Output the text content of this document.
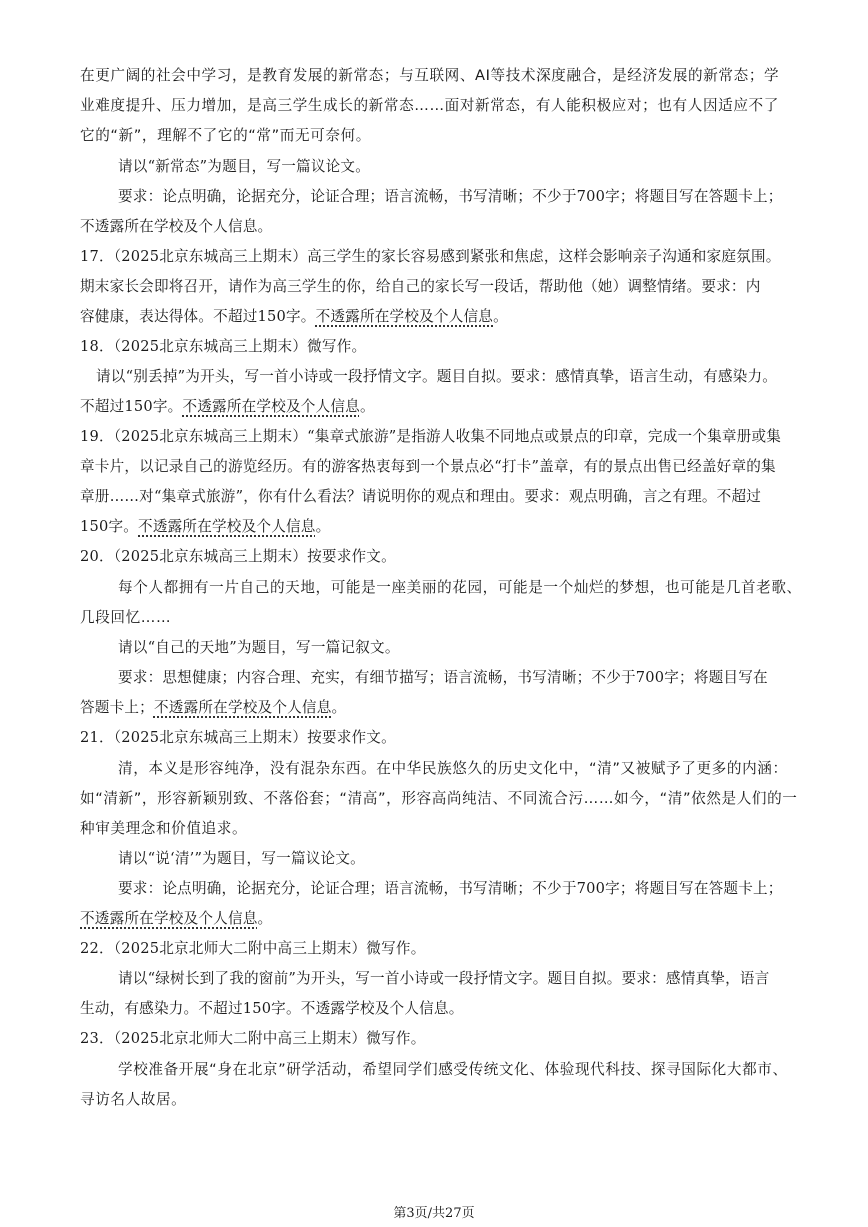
在更广阔的社会中学习，是教育发展的新常态；与互联网、AI等技术深度融合，是经济发展的新常态；学
业难度提升、压力增加，是高三学生成长的新常态……面对新常态，有人能积极应对；也有人因适应不了
它的“新”，理解不了它的“常”而无可奈何。
请以“新常态”为题目，写一篇议论文。
要求：论点明确，论据充分，论证合理；语言流畅，书写清晰；不少于700字；将题目写在答题卡上；
不透露所在学校及个人信息。
17．（2025北京东城高三上期末）高三学生的家长容易感到紧张和焦虑，这样会影响亲子沟通和家庭氛围。
期末家长会即将召开，请作为高三学生的你，给自己的家长写一段话，帮助他（她）调整情绪。要求：内
容健康，表达得体。不超过150字。不透露所在学校及个人信息。
18．（2025北京东城高三上期末）微写作。
请以“别丢掉”为开头，写一首小诗或一段抒情文字。题目自拟。要求：感情真挚，语言生动，有感染力。
不超过150字。不透露所在学校及个人信息。
19．（2025北京东城高三上期末）“集章式旅游”是指游人收集不同地点或景点的印章，完成一个集章册或集
章卡片，以记录自己的游览经历。有的游客热衷每到一个景点必“打卡”盖章，有的景点出售已经盖好章的集
章册……对“集章式旅游”，你有什么看法？请说明你的观点和理由。要求：观点明确，言之有理。不超过
150字。不透露所在学校及个人信息。
20．（2025北京东城高三上期末）按要求作文。
每个人都拥有一片自己的天地，可能是一座美丽的花园，可能是一个灿烂的梦想，也可能是几首老歌、
几段回忆……
请以“自己的天地”为题目，写一篇记叙文。
要求：思想健康；内容合理、充实，有细节描写；语言流畅，书写清晰；不少于700字；将题目写在
答题卡上；不透露所在学校及个人信息。
21．（2025北京东城高三上期末）按要求作文。
清，本义是形容纯净，没有混杂东西。在中华民族悠久的历史文化中，“清”又被赋予了更多的内涵：
如“清新”，形容新颖别致、不落俗套；“清高”，形容高尚纯洁、不同流合污……如今，“清”依然是人们的一
种审美理念和价值追求。
请以“说‘清’”为题目，写一篇议论文。
要求：论点明确，论据充分，论证合理；语言流畅，书写清晰；不少于700字；将题目写在答题卡上；
不透露所在学校及个人信息。
22．（2025北京北师大二附中高三上期末）微写作。
请以“绿树长到了我的窗前”为开头，写一首小诗或一段抒情文字。题目自拟。要求：感情真挚，语言
生动，有感染力。不超过150字。不透露学校及个人信息。
23．（2025北京北师大二附中高三上期末）微写作。
学校准备开展“身在北京”研学活动，希望同学们感受传统文化、体验现代科技、探寻国际化大都市、
寻访名人故居。
第3页/共27页
